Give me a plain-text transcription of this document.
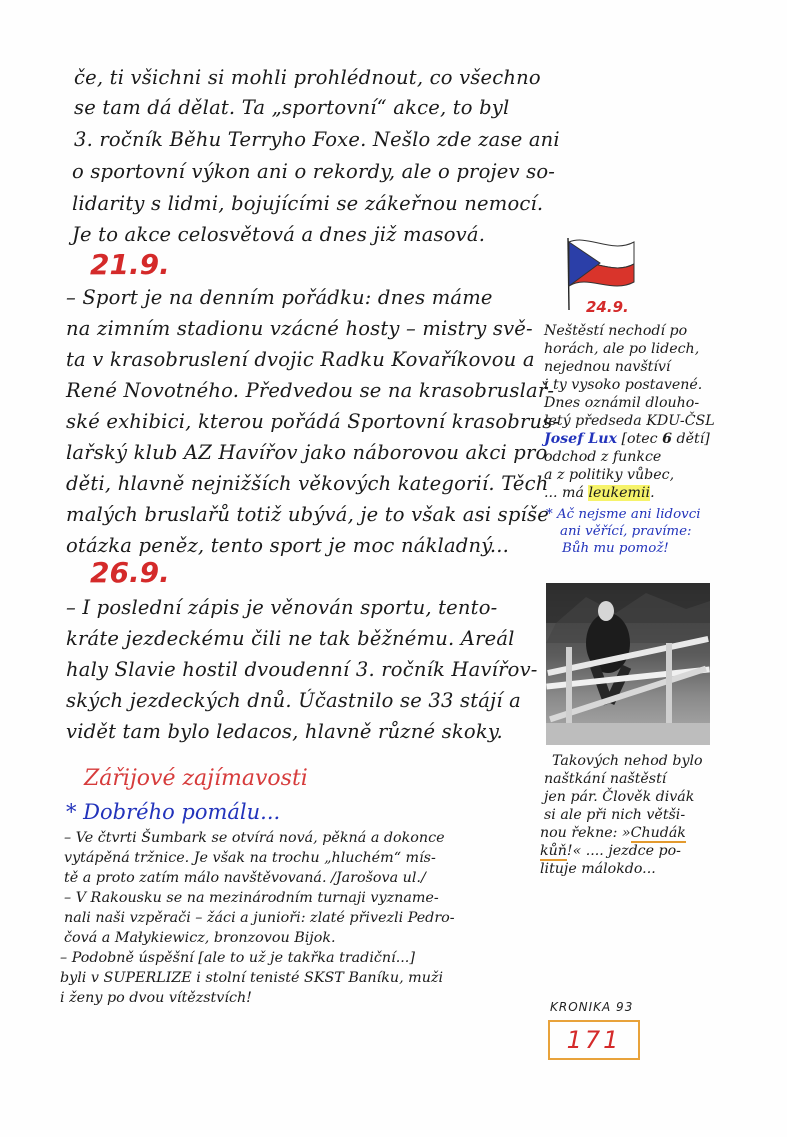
če, ti všichni si mohli prohlédnout, co všechno
se tam dá dělat. Ta „sportovní“ akce, to byl
3. ročník Běhu Terryho Foxe. Nešlo zde zase ani
o sportovní výkon ani o rekordy, ale o projev so-
lidarity s lidmi, bojujícími se zákeřnou nemocí.
Je to akce celosvětová a dnes již masová.
21.9.
– Sport je na denním pořádku: dnes máme
na zimním stadionu vzácné hosty – mistry svě-
ta v krasobruslení dvojic Radku Kovaříkovou a
René Novotného. Předvedou se na krasobruslař-
ské exhibici, kterou pořádá Sportovní krasobrus-
lařský klub AZ Havířov jako náborovou akci pro
děti, hlavně nejnižších věkových kategorií. Těch
malých bruslařů totiž ubývá, je to však asi spíše
otázka peněz, tento sport je moc nákladný...
26.9.
– I poslední zápis je věnován sportu, tento-
kráte jezdeckému čili ne tak běžnému. Areál
haly Slavie hostil dvoudenní 3. ročník Havířov-
ských jezdeckých dnů. Účastnilo se 33 stájí a
vidět tam bylo ledacos, hlavně různé skoky.
24.9.
Neštěstí nechodí po
horách, ale po lidech,
nejednou navštíví
i ty vysoko postavené.
Dnes oznámil dlouho-
letý předseda KDU-ČSL
Josef Lux [otec 6 dětí]
odchod z funkce
a z politiky vůbec,
... má leukemii.
* Ač nejsme ani lidovci
ani věřící, pravíme:
Bůh mu pomož!
Takových nehod bylo
naštkání naštěstí
jen pár. Člověk divák
si ale při nich větši-
nou řekne: »Chudák
kůň!« .... jezdce po-
lituje málokdo...
Zářijové zajímavosti
* Dobrého pomálu...
– Ve čtvrti Šumbark se otvírá nová, pěkná a dokonce
vytápěná tržnice. Je však na trochu „hluchém“ mís-
tě a proto zatím málo navštěvovaná. /Jarošova ul./
– V Rakousku se na mezinárodním turnaji vyzname-
nali naši vzpěrači – žáci a junioři: zlaté přivezli Pedro-
čová a Małykiewicz, bronzovou Bijok.
– Podobně úspěšní [ale to už je takřka tradiční...]
byli v SUPERLIZE i stolní tenisté SKST Baníku, muži
i ženy po dvou vítězstvích!
KRONIKA 93
171
